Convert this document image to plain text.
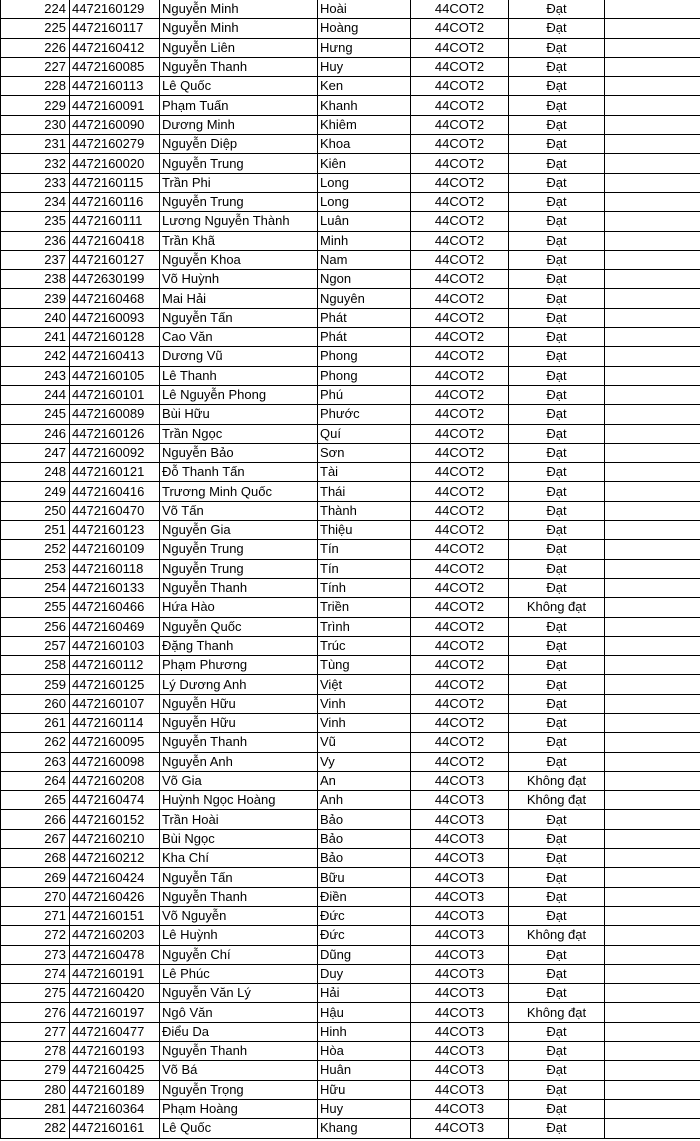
224	4472160129	Nguyễn Minh	Hoài	44COT2	Đạt	
225	4472160117	Nguyễn Minh	Hoàng	44COT2	Đạt	
226	4472160412	Nguyễn Liên	Hưng	44COT2	Đạt	
227	4472160085	Nguyễn Thanh	Huy	44COT2	Đạt	
228	4472160113	Lê Quốc	Ken	44COT2	Đạt	
229	4472160091	Phạm Tuấn	Khanh	44COT2	Đạt	
230	4472160090	Dương Minh	Khiêm	44COT2	Đạt	
231	4472160279	Nguyễn Diệp	Khoa	44COT2	Đạt	
232	4472160020	Nguyễn Trung	Kiên	44COT2	Đạt	
233	4472160115	Trần Phi	Long	44COT2	Đạt	
234	4472160116	Nguyễn Trung	Long	44COT2	Đạt	
235	4472160111	Lương Nguyễn Thành	Luân	44COT2	Đạt	
236	4472160418	Trần Khã	Minh	44COT2	Đạt	
237	4472160127	Nguyễn Khoa	Nam	44COT2	Đạt	
238	4472630199	Võ Huỳnh	Ngon	44COT2	Đạt	
239	4472160468	Mai Hải	Nguyên	44COT2	Đạt	
240	4472160093	Nguyễn Tấn	Phát	44COT2	Đạt	
241	4472160128	Cao Văn	Phát	44COT2	Đạt	
242	4472160413	Dương Vũ	Phong	44COT2	Đạt	
243	4472160105	Lê Thanh	Phong	44COT2	Đạt	
244	4472160101	Lê Nguyễn Phong	Phú	44COT2	Đạt	
245	4472160089	Bùi Hữu	Phước	44COT2	Đạt	
246	4472160126	Trần Ngọc	Quí	44COT2	Đạt	
247	4472160092	Nguyễn Bảo	Sơn	44COT2	Đạt	
248	4472160121	Đỗ Thanh Tấn	Tài	44COT2	Đạt	
249	4472160416	Trương Minh Quốc	Thái	44COT2	Đạt	
250	4472160470	Võ Tấn	Thành	44COT2	Đạt	
251	4472160123	Nguyễn Gia	Thiệu	44COT2	Đạt	
252	4472160109	Nguyễn Trung	Tín	44COT2	Đạt	
253	4472160118	Nguyễn Trung	Tín	44COT2	Đạt	
254	4472160133	Nguyễn Thanh	Tính	44COT2	Đạt	
255	4472160466	Hứa Hào	Triền	44COT2	Không đạt	
256	4472160469	Nguyễn Quốc	Trình	44COT2	Đạt	
257	4472160103	Đặng Thanh	Trúc	44COT2	Đạt	
258	4472160112	Phạm Phương	Tùng	44COT2	Đạt	
259	4472160125	Lý Dương Anh	Việt	44COT2	Đạt	
260	4472160107	Nguyễn Hữu	Vinh	44COT2	Đạt	
261	4472160114	Nguyễn Hữu	Vinh	44COT2	Đạt	
262	4472160095	Nguyễn Thanh	Vũ	44COT2	Đạt	
263	4472160098	Nguyễn Anh	Vy	44COT2	Đạt	
264	4472160208	Võ Gia	An	44COT3	Không đạt	
265	4472160474	Huỳnh Ngọc Hoàng	Anh	44COT3	Không đạt	
266	4472160152	Trần Hoài	Bảo	44COT3	Đạt	
267	4472160210	Bùi Ngọc	Bảo	44COT3	Đạt	
268	4472160212	Kha Chí	Bảo	44COT3	Đạt	
269	4472160424	Nguyễn Tấn	Bữu	44COT3	Đạt	
270	4472160426	Nguyễn Thanh	Điền	44COT3	Đạt	
271	4472160151	Võ Nguyễn	Đức	44COT3	Đạt	
272	4472160203	Lê Huỳnh	Đức	44COT3	Không đạt	
273	4472160478	Nguyễn Chí	Dũng	44COT3	Đạt	
274	4472160191	Lê Phúc	Duy	44COT3	Đạt	
275	4472160420	Nguyễn Văn Lý	Hải	44COT3	Đạt	
276	4472160197	Ngô Văn	Hậu	44COT3	Không đạt	
277	4472160477	Điểu Da	Hinh	44COT3	Đạt	
278	4472160193	Nguyễn Thanh	Hòa	44COT3	Đạt	
279	4472160425	Võ Bá	Huân	44COT3	Đạt	
280	4472160189	Nguyễn Trọng	Hữu	44COT3	Đạt	
281	4472160364	Phạm Hoàng	Huy	44COT3	Đạt	
282	4472160161	Lê Quốc	Khang	44COT3	Đạt	
